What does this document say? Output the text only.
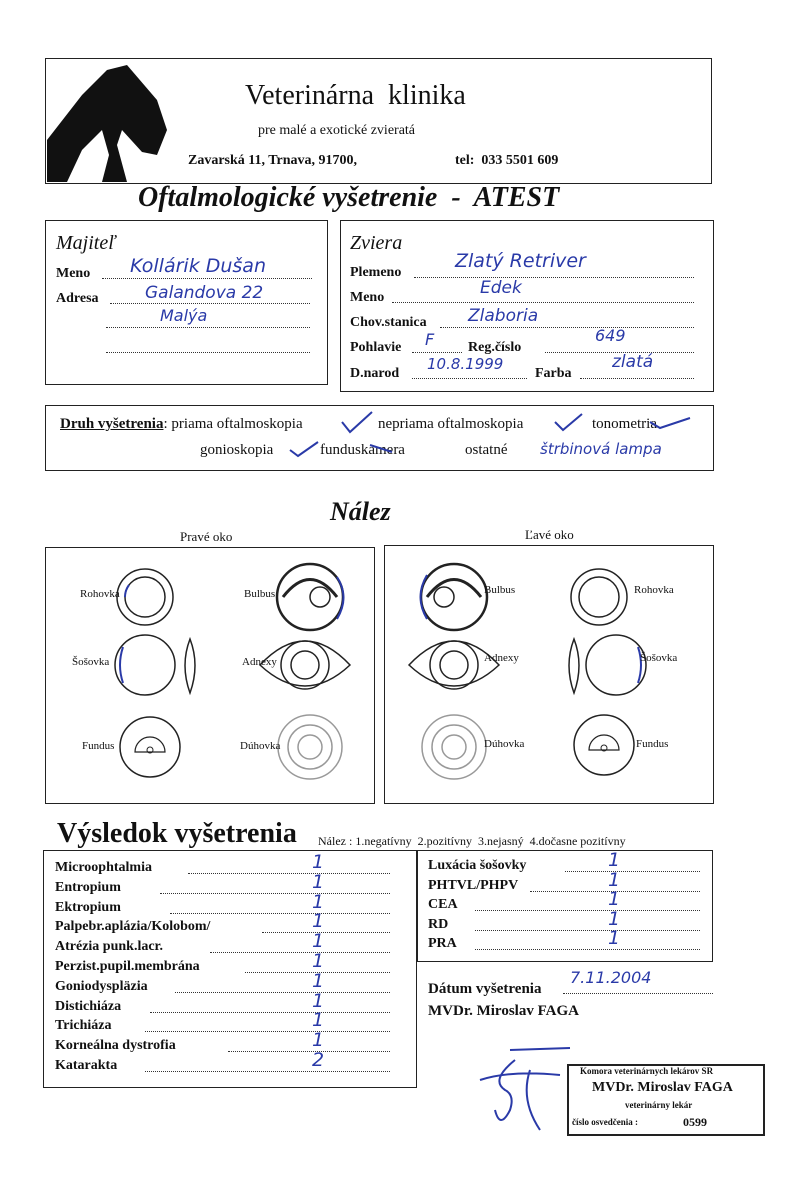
Veterinárna  klinika
pre malé a exotické zvieratá
Zavarská 11, Trnava, 91700,	tel:  033 5501 609
Oftalmologické vyšetrenie  -  ATEST
Majiteľ
Meno Kollárik Dušan
Adresa	Galandova 22
Malýa
Zviera
Plemeno
Zlatý Retriver
Meno	Edek
Chov.stanica Zlaboria
Pohlavie F Reg.číslo
649
D.narod
10.8.1999
Farba
zlatá
Druh vyšetrenia: priama oftalmoskopia	nepriama oftalmoskopia	tonometria
gonioskopia	funduskamera	ostatné štrbinová lampa
Nález
Pravé oko	Ľavé oko
Rohovka	Bulbus
Šošovka	Adnexy
Fundus	Dúhovka
Bulbus	Rohovka
Adnexy	Šošovka
Dúhovka	Fundus
Výsledok vyšetrenia Nález : 1.negatívny  2.pozitívny  3.nejasný  4.dočasne pozitívny
Microophtalmia	1
Entropium	1
Ektropium	1
Palpebr.aplázia/Kolobom/	1
Atrézia punk.lacr.	1
Perzist.pupil.membrána	1
Goniodyspläzia	1
Distichiáza	1
Trichiáza	1
Korneálna dystrofia	1
Katarakta	2
Luxácia šošovky	1
PHTVL/PHPV	1
CEA	1
RD	1
PRA	1
Dátum vyšetrenia
7.11.2004
MVDr. Miroslav FAGA
Komora veterinárnych lekárov SR
MVDr. Miroslav FAGA
veterinárny lekár
číslo osvedčenia :	0599
